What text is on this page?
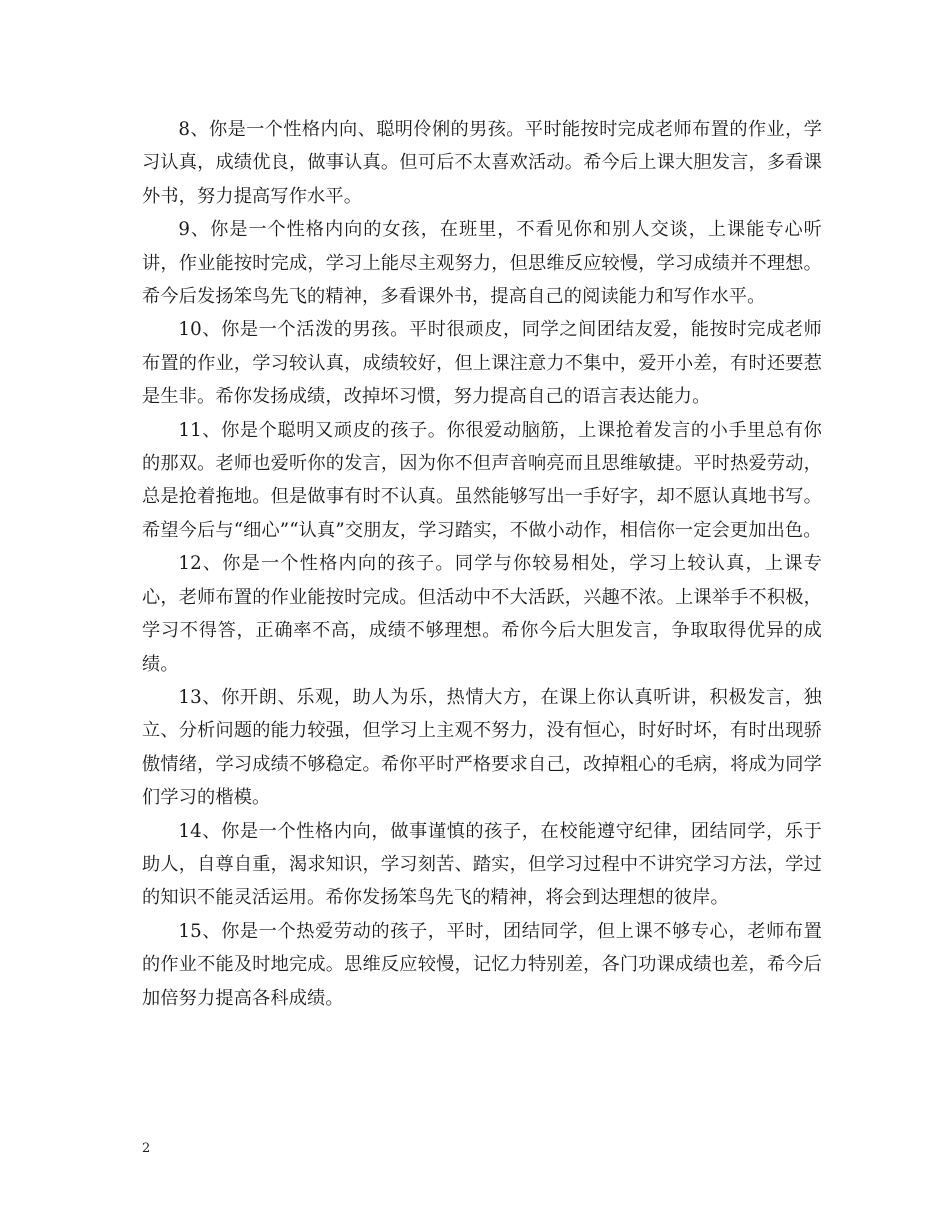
8、你是一个性格内向、聪明伶俐的男孩。平时能按时完成老师布置的作业，学习认真，成绩优良，做事认真。但可后不太喜欢活动。希今后上课大胆发言，多看课外书，努力提高写作水平。

9、你是一个性格内向的女孩，在班里，不看见你和别人交谈，上课能专心听讲，作业能按时完成，学习上能尽主观努力，但思维反应较慢，学习成绩并不理想。希今后发扬笨鸟先飞的精神，多看课外书，提高自己的阅读能力和写作水平。

10、你是一个活泼的男孩。平时很顽皮，同学之间团结友爱，能按时完成老师布置的作业，学习较认真，成绩较好，但上课注意力不集中，爱开小差，有时还要惹是生非。希你发扬成绩，改掉坏习惯，努力提高自己的语言表达能力。

11、你是个聪明又顽皮的孩子。你很爱动脑筋，上课抢着发言的小手里总有你的那双。老师也爱听你的发言，因为你不但声音响亮而且思维敏捷。平时热爱劳动，总是抢着拖地。但是做事有时不认真。虽然能够写出一手好字，却不愿认真地书写。希望今后与“细心”“认真”交朋友，学习踏实，不做小动作，相信你一定会更加出色。

12、你是一个性格内向的孩子。同学与你较易相处，学习上较认真，上课专心，老师布置的作业能按时完成。但活动中不大活跃，兴趣不浓。上课举手不积极，学习不得答，正确率不高，成绩不够理想。希你今后大胆发言，争取取得优异的成绩。

13、你开朗、乐观，助人为乐，热情大方，在课上你认真听讲，积极发言，独立、分析问题的能力较强，但学习上主观不努力，没有恒心，时好时坏，有时出现骄傲情绪，学习成绩不够稳定。希你平时严格要求自己，改掉粗心的毛病，将成为同学们学习的楷模。

14、你是一个性格内向，做事谨慎的孩子，在校能遵守纪律，团结同学，乐于助人，自尊自重，渴求知识，学习刻苦、踏实，但学习过程中不讲究学习方法，学过的知识不能灵活运用。希你发扬笨鸟先飞的精神，将会到达理想的彼岸。

15、你是一个热爱劳动的孩子，平时，团结同学，但上课不够专心，老师布置的作业不能及时地完成。思维反应较慢，记忆力特别差，各门功课成绩也差，希今后加倍努力提高各科成绩。

2
